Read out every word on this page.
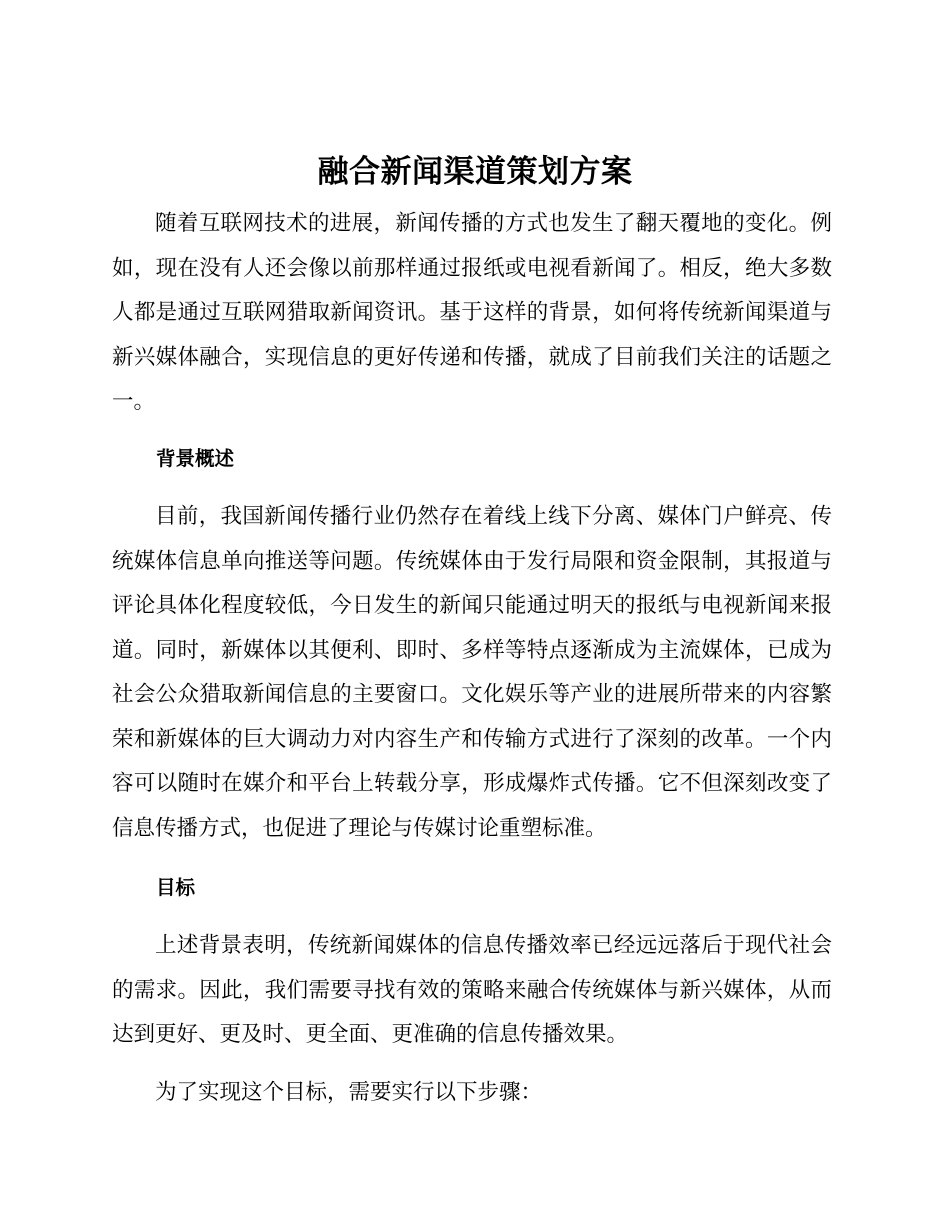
融合新闻渠道策划方案

随着互联网技术的进展，新闻传播的方式也发生了翻天覆地的变化。例如，现在没有人还会像以前那样通过报纸或电视看新闻了。相反，绝大多数人都是通过互联网猎取新闻资讯。基于这样的背景，如何将传统新闻渠道与新兴媒体融合，实现信息的更好传递和传播，就成了目前我们关注的话题之一。

背景概述

目前，我国新闻传播行业仍然存在着线上线下分离、媒体门户鲜亮、传统媒体信息单向推送等问题。传统媒体由于发行局限和资金限制，其报道与评论具体化程度较低，今日发生的新闻只能通过明天的报纸与电视新闻来报道。同时，新媒体以其便利、即时、多样等特点逐渐成为主流媒体，已成为社会公众猎取新闻信息的主要窗口。文化娱乐等产业的进展所带来的内容繁荣和新媒体的巨大调动力对内容生产和传输方式进行了深刻的改革。一个内容可以随时在媒介和平台上转载分享，形成爆炸式传播。它不但深刻改变了信息传播方式，也促进了理论与传媒讨论重塑标准。

目标

上述背景表明，传统新闻媒体的信息传播效率已经远远落后于现代社会的需求。因此，我们需要寻找有效的策略来融合传统媒体与新兴媒体，从而达到更好、更及时、更全面、更准确的信息传播效果。

为了实现这个目标，需要实行以下步骤：
